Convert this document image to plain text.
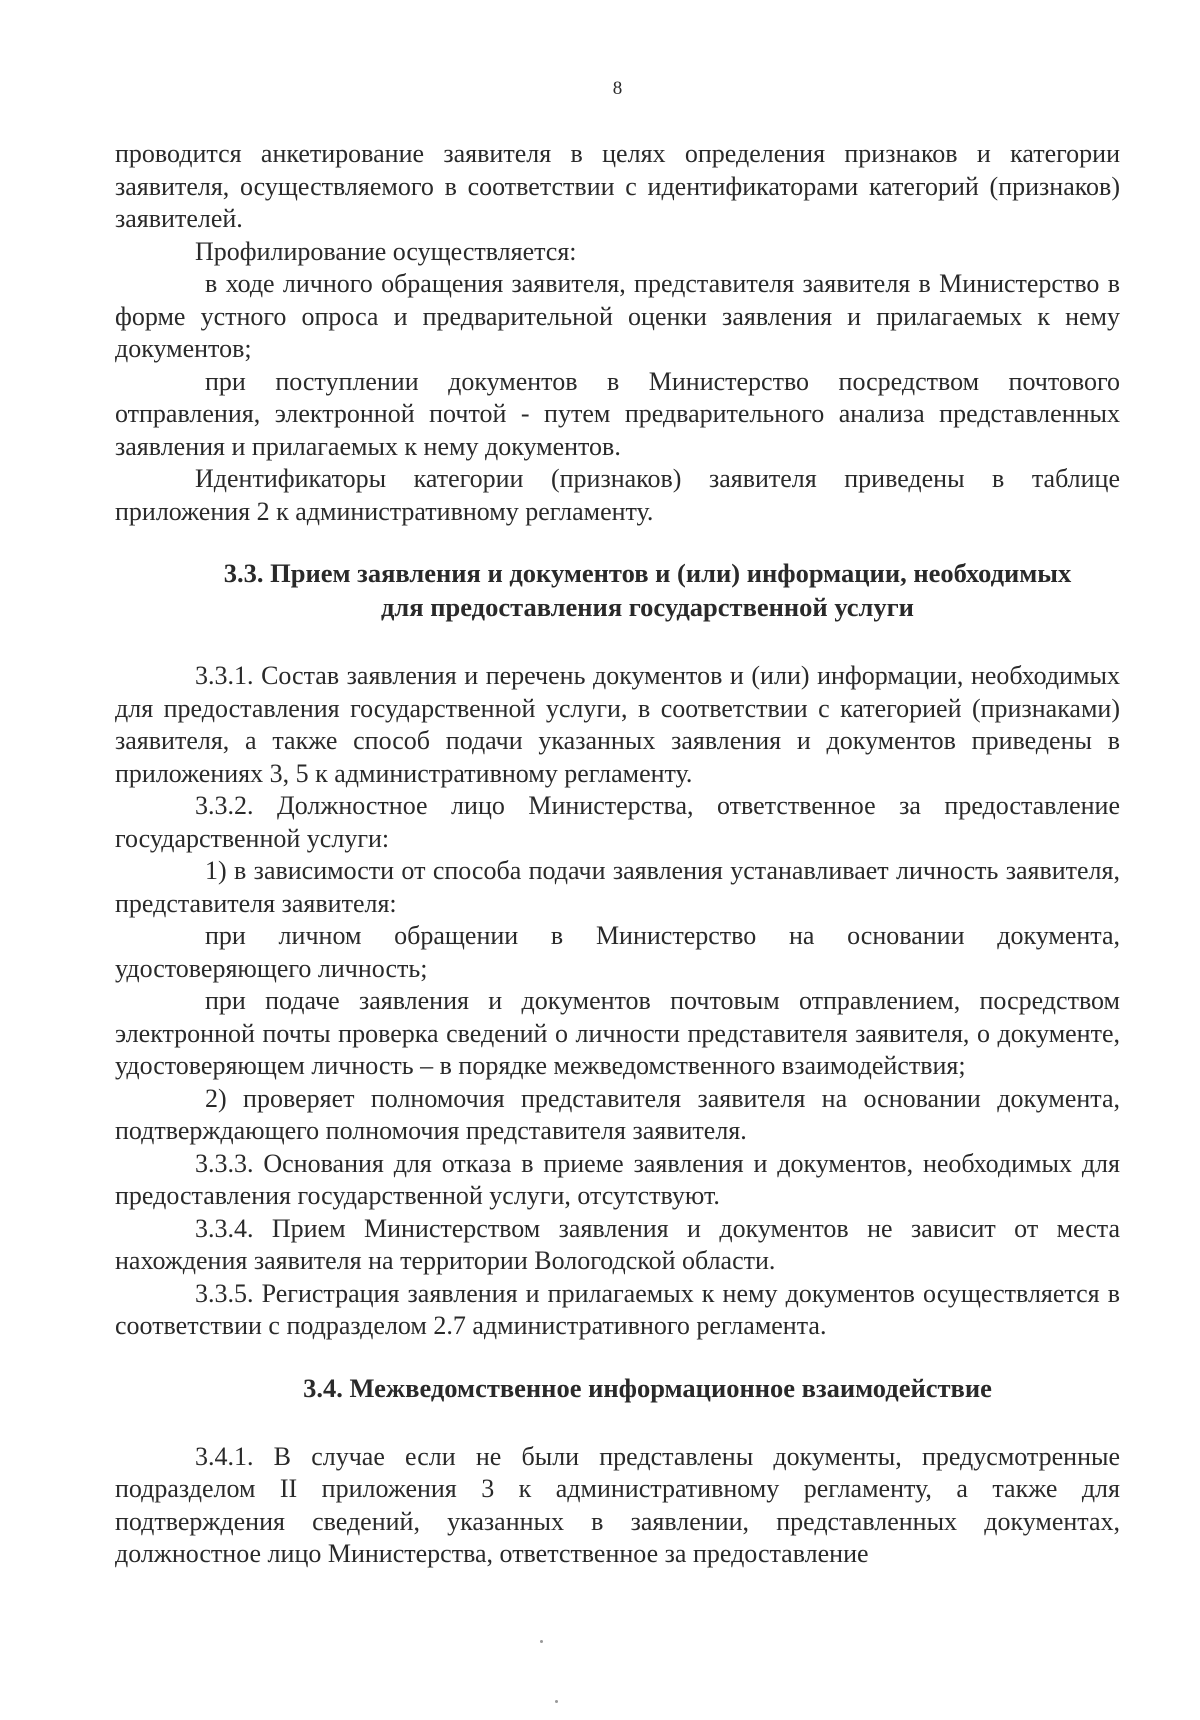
8

проводится анкетирование заявителя в целях определения признаков и категории заявителя, осуществляемого в соответствии с идентификаторами категорий (признаков) заявителей.

Профилирование осуществляется:

в ходе личного обращения заявителя, представителя заявителя в Министерство в форме устного опроса и предварительной оценки заявления и прилагаемых к нему документов;

при поступлении документов в Министерство посредством почтового отправления, электронной почтой - путем предварительного анализа представленных заявления и прилагаемых к нему документов.

Идентификаторы категории (признаков) заявителя приведены в таблице приложения 2 к административному регламенту.

3.3. Прием заявления и документов и (или) информации, необходимых
для предоставления государственной услуги

3.3.1. Состав заявления и перечень документов и (или) информации, необходимых для предоставления государственной услуги, в соответствии с категорией (признаками) заявителя, а также способ подачи указанных заявления и документов приведены в приложениях 3, 5 к административному регламенту.

3.3.2. Должностное лицо Министерства, ответственное за предоставление государственной услуги:

1) в зависимости от способа подачи заявления устанавливает личность заявителя, представителя заявителя:

при личном обращении в Министерство на основании документа, удостоверяющего личность;

при подаче заявления и документов почтовым отправлением, посредством электронной почты проверка сведений о личности представителя заявителя, о документе, удостоверяющем личность – в порядке межведомственного взаимодействия;

2) проверяет полномочия представителя заявителя на основании документа, подтверждающего полномочия представителя заявителя.

3.3.3. Основания для отказа в приеме заявления и документов, необходимых для предоставления государственной услуги, отсутствуют.

3.3.4. Прием Министерством заявления и документов не зависит от места нахождения заявителя на территории Вологодской области.

3.3.5. Регистрация заявления и прилагаемых к нему документов осуществляется в соответствии с подразделом 2.7 административного регламента.

3.4. Межведомственное информационное взаимодействие

3.4.1. В случае если не были представлены документы, предусмотренные подразделом II приложения 3 к административному регламенту, а также для подтверждения сведений, указанных в заявлении, представленных документах, должностное лицо Министерства, ответственное за предоставление
